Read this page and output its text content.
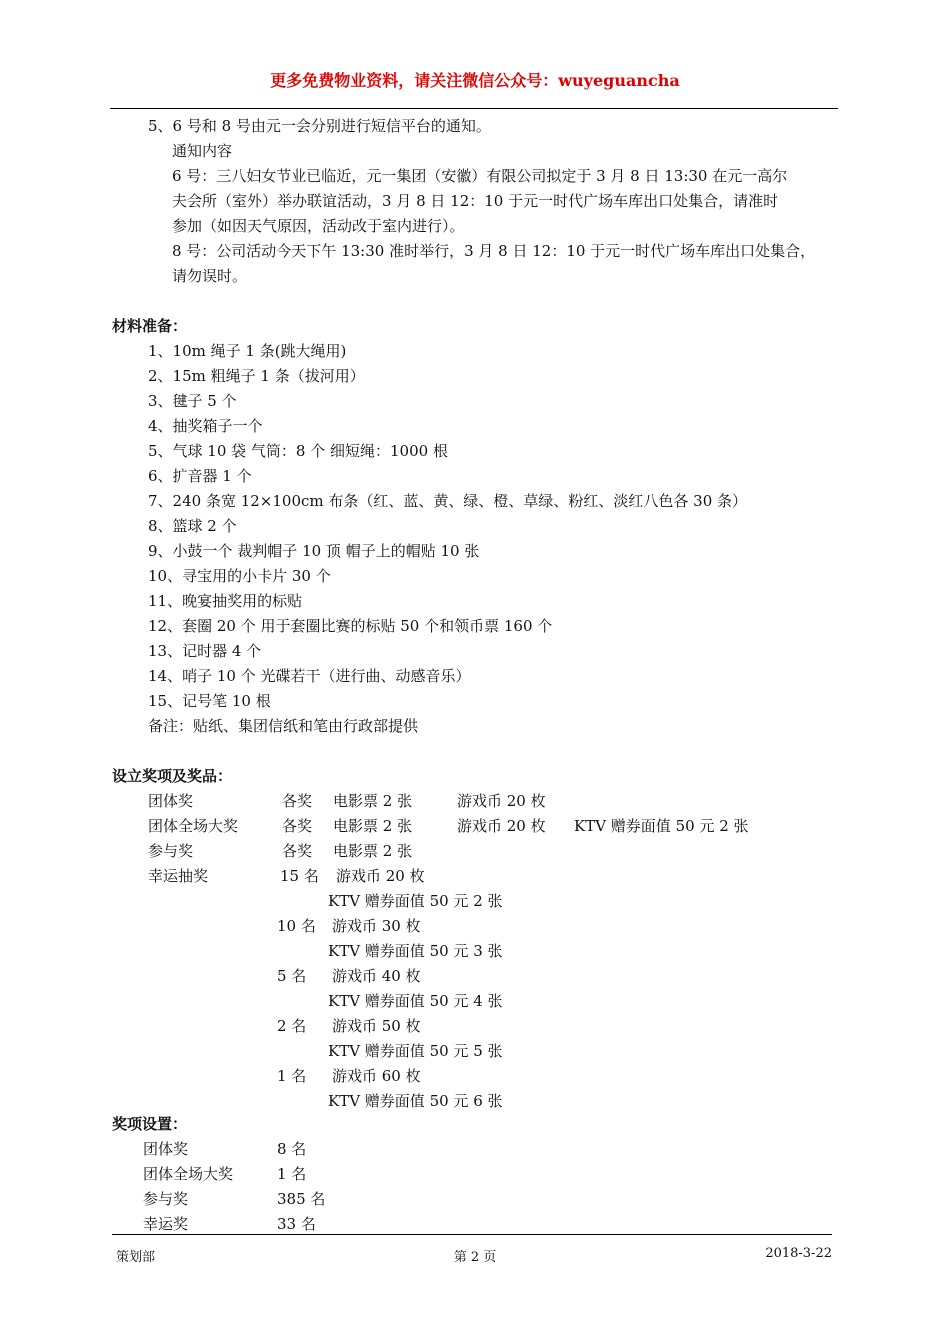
更多免费物业资料，请关注微信公众号：wuyeguancha
5、6 号和 8 号由元一会分别进行短信平台的通知。
通知内容
6 号：三八妇女节业已临近，元一集团（安徽）有限公司拟定于 3 月 8 日 13:30 在元一高尔
夫会所（室外）举办联谊活动，3 月 8 日 12：10 于元一时代广场车库出口处集合，请准时
参加（如因天气原因，活动改于室内进行）。
8 号：公司活动今天下午 13:30 准时举行，3 月 8 日 12：10 于元一时代广场车库出口处集合，
请勿误时。
材料准备：
1、10m 绳子 1 条(跳大绳用)
2、15m 粗绳子 1 条（拔河用）
3、毽子 5 个
4、抽奖箱子一个
5、气球 10 袋 气筒：8 个 细短绳：1000 根
6、扩音器 1 个
7、240 条宽 12×100cm 布条（红、蓝、黄、绿、橙、草绿、粉红、淡红八色各 30 条）
8、篮球 2 个
9、小鼓一个 裁判帽子 10 顶 帽子上的帽贴 10 张
10、寻宝用的小卡片 30 个
11、晚宴抽奖用的标贴
12、套圈 20 个 用于套圈比赛的标贴 50 个和领币票 160 个
13、记时器 4 个
14、哨子 10 个 光碟若干（进行曲、动感音乐）
15、记号笔 10 根
备注：贴纸、集团信纸和笔由行政部提供
设立奖项及奖品：
团体奖	各奖 电影票 2 张	游戏币 20 枚
团体全场大奖	各奖 电影票 2 张	游戏币 20 枚 KTV 赠券面值 50 元 2 张
参与奖	各奖 电影票 2 张
幸运抽奖	15 名 游戏币 20 枚
KTV 赠券面值 50 元 2 张
10 名 游戏币 30 枚
KTV 赠券面值 50 元 3 张
5 名 游戏币 40 枚
KTV 赠券面值 50 元 4 张
2 名 游戏币 50 枚
KTV 赠券面值 50 元 5 张
1 名 游戏币 60 枚
KTV 赠券面值 50 元 6 张
奖项设置：
团体奖	8 名
团体全场大奖	1 名
参与奖	385 名
幸运奖	33 名
策划部	第 2 页	2018-3-22
